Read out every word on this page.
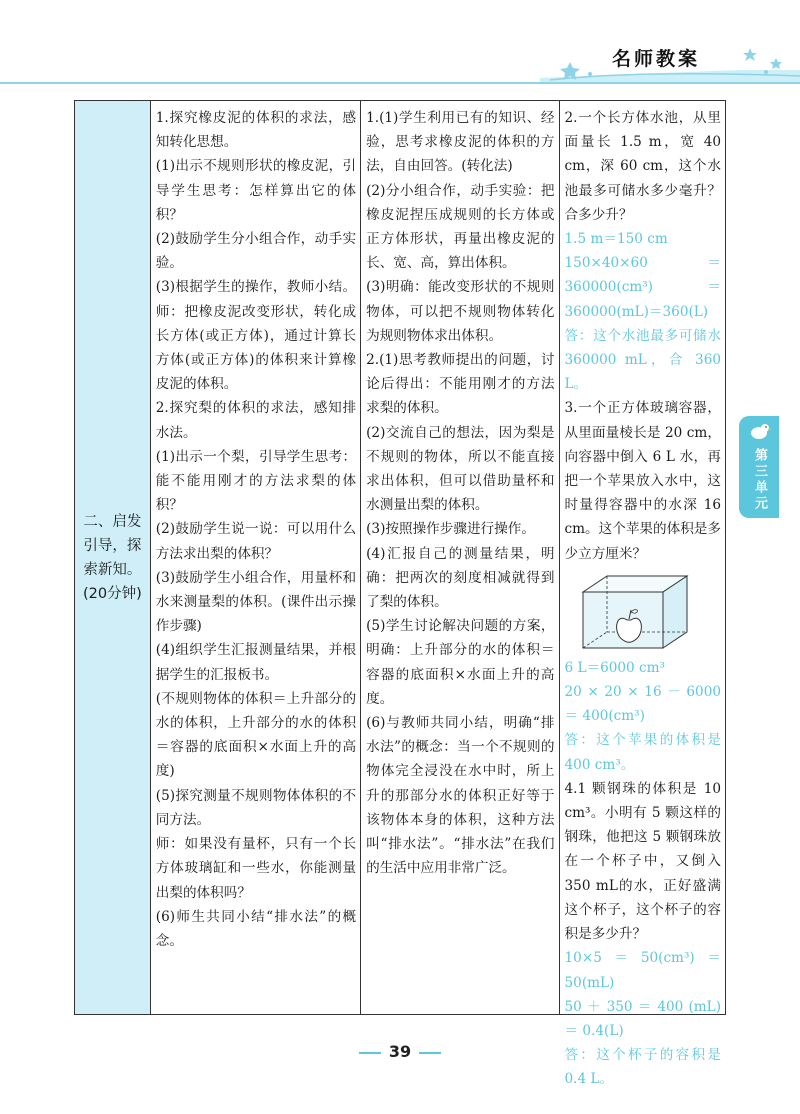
名师教案
二、启发
引导，探
索新知。
(20分钟)
1.探究橡皮泥的体积的求法，感知转化思想。
(1)出示不规则形状的橡皮泥，引导学生思考：怎样算出它的体积？
(2)鼓励学生分小组合作，动手实验。
(3)根据学生的操作，教师小结。师：把橡皮泥改变形状，转化成长方体(或正方体)，通过计算长方体(或正方体)的体积来计算橡皮泥的体积。
2.探究梨的体积的求法，感知排水法。
(1)出示一个梨，引导学生思考：能不能用刚才的方法求梨的体积？
(2)鼓励学生说一说：可以用什么方法求出梨的体积？
(3)鼓励学生小组合作，用量杯和水来测量梨的体积。(课件出示操作步骤)
(4)组织学生汇报测量结果，并根据学生的汇报板书。
(不规则物体的体积＝上升部分的水的体积，上升部分的水的体积＝容器的底面积×水面上升的高度)
(5)探究测量不规则物体体积的不同方法。
师：如果没有量杯，只有一个长方体玻璃缸和一些水，你能测量出梨的体积吗？
(6)师生共同小结“排水法”的概念。
1.(1)学生利用已有的知识、经验，思考求橡皮泥的体积的方法，自由回答。(转化法)
(2)分小组合作，动手实验：把橡皮泥捏压成规则的长方体或正方体形状，再量出橡皮泥的长、宽、高，算出体积。
(3)明确：能改变形状的不规则物体，可以把不规则物体转化为规则物体求出体积。
2.(1)思考教师提出的问题，讨论后得出：不能用刚才的方法求梨的体积。
(2)交流自己的想法，因为梨是不规则的物体，所以不能直接求出体积，但可以借助量杯和水测量出梨的体积。
(3)按照操作步骤进行操作。
(4)汇报自己的测量结果，明确：把两次的刻度相减就得到了梨的体积。
(5)学生讨论解决问题的方案，明确：上升部分的水的体积＝容器的底面积×水面上升的高度。
(6)与教师共同小结，明确“排水法”的概念：当一个不规则的物体完全浸没在水中时，所上升的那部分水的体积正好等于该物体本身的体积，这种方法叫“排水法”。“排水法”在我们的生活中应用非常广泛。
2.一个长方体水池，从里面量长 1.5 m，宽 40 cm，深 60 cm，这个水池最多可储水多少毫升？合多少升？
1.5 m＝150 cm
150×40×60＝360000(cm³)＝360000(mL)＝360(L)
答：这个水池最多可储水 360000 mL，合 360 L。
3.一个正方体玻璃容器，从里面量棱长是 20 cm，向容器中倒入 6 L 水，再把一个苹果放入水中，这时量得容器中的水深 16 cm。这个苹果的体积是多少立方厘米？
6 L＝6000 cm³
20 × 20 × 16 － 6000 ＝ 400(cm³)
答：这个苹果的体积是 400 cm³。
4.1 颗钢珠的体积是 10 cm³。小明有 5 颗这样的钢珠，他把这 5 颗钢珠放在一个杯子中，又倒入350 mL的水，正好盛满这个杯子，这个杯子的容积是多少升？
10×5＝50(cm³)＝50(mL)
50 ＋ 350 ＝ 400 (mL) ＝ 0.4(L)
答：这个杯子的容积是 0.4 L。
第三单元
39
